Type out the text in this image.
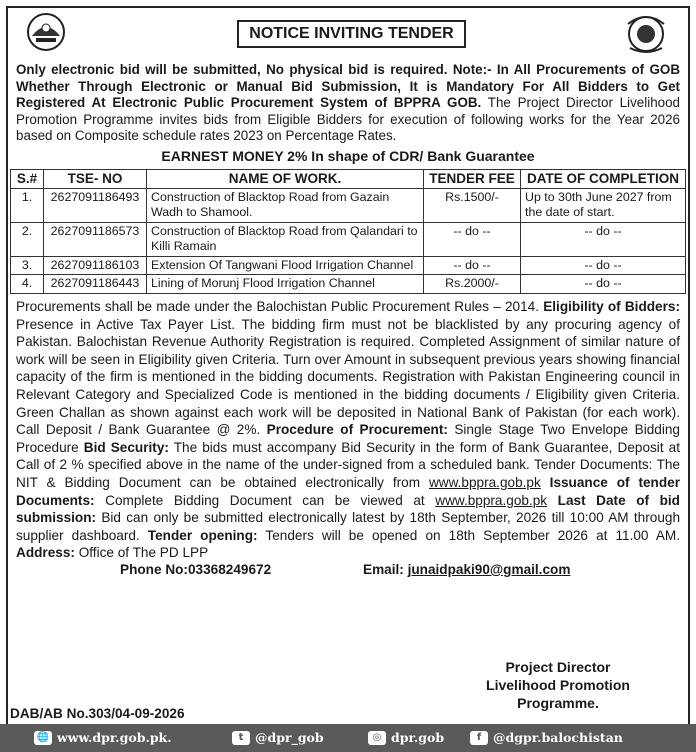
NOTICE INVITING TENDER
Only electronic bid will be submitted, No physical bid is required. Note:- In All Procurements of GOB Whether Through Electronic or Manual Bid Submission, It is Mandatory For All Bidders to Get Registered At Electronic Public Procurement System of BPPRA GOB. The Project Director Livelihood Promotion Programme invites bids from Eligible Bidders for execution of following works for the Year 2026 based on Composite schedule rates 2023 on Percentage Rates.
EARNEST MONEY 2% In shape of CDR/ Bank Guarantee
S.#	TSE- NO	NAME OF WORK.	TENDER FEE	DATE OF COMPLETION
1.	2627091186493	Construction of Blacktop Road from Gazain Wadh to Shamool.	Rs.1500/-	Up to 30th June 2027 from the date of start.
2.	2627091186573	Construction of Blacktop Road from Qalandari to Killi Ramain	-- do --	-- do --
3.	2627091186103	Extension Of Tangwani Flood Irrigation Channel	-- do --	-- do --
4.	2627091186443	Lining of Morunj Flood Irrigation Channel	Rs.2000/-	-- do --
Procurements shall be made under the Balochistan Public Procurement Rules – 2014. Eligibility of Bidders: Presence in Active Tax Payer List. The bidding firm must not be blacklisted by any procuring agency of Pakistan. Balochistan Revenue Authority Registration is required. Completed Assignment of similar nature of work will be seen in Eligibility given Criteria. Turn over Amount in subsequent previous years showing financial capacity of the firm is mentioned in the bidding documents. Registration with Pakistan Engineering council in Relevant Category and Specialized Code is mentioned in the bidding documents / Eligibility given Criteria. Green Challan as shown against each work will be deposited in National Bank of Pakistan (for each work). Call Deposit / Bank Guarantee @ 2%. Procedure of Procurement: Single Stage Two Envelope Bidding Procedure Bid Security: The bids must accompany Bid Security in the form of Bank Guarantee, Deposit at Call of 2 % specified above in the name of the under-signed from a scheduled bank. Tender Documents: The NIT & Bidding Document can be obtained electronically from www.bppra.gob.pk Issuance of tender Documents: Complete Bidding Document can be viewed at www.bppra.gob.pk Last Date of bid submission: Bid can only be submitted electronically latest by 18th September, 2026 till 10:00 AM through supplier dashboard. Tender opening: Tenders will be opened on 18th September 2026 at 11.00 AM. Address: Office of The PD LPP
Phone No:03368249672	Email: junaidpaki90@gmail.com
Project Director
Livelihood Promotion
Programme.
DAB/AB No.303/04-09-2026
🌐 www.dpr.gob.pk.	t @dpr_gob	◎ dpr.gob	f @dgpr.balochistan
